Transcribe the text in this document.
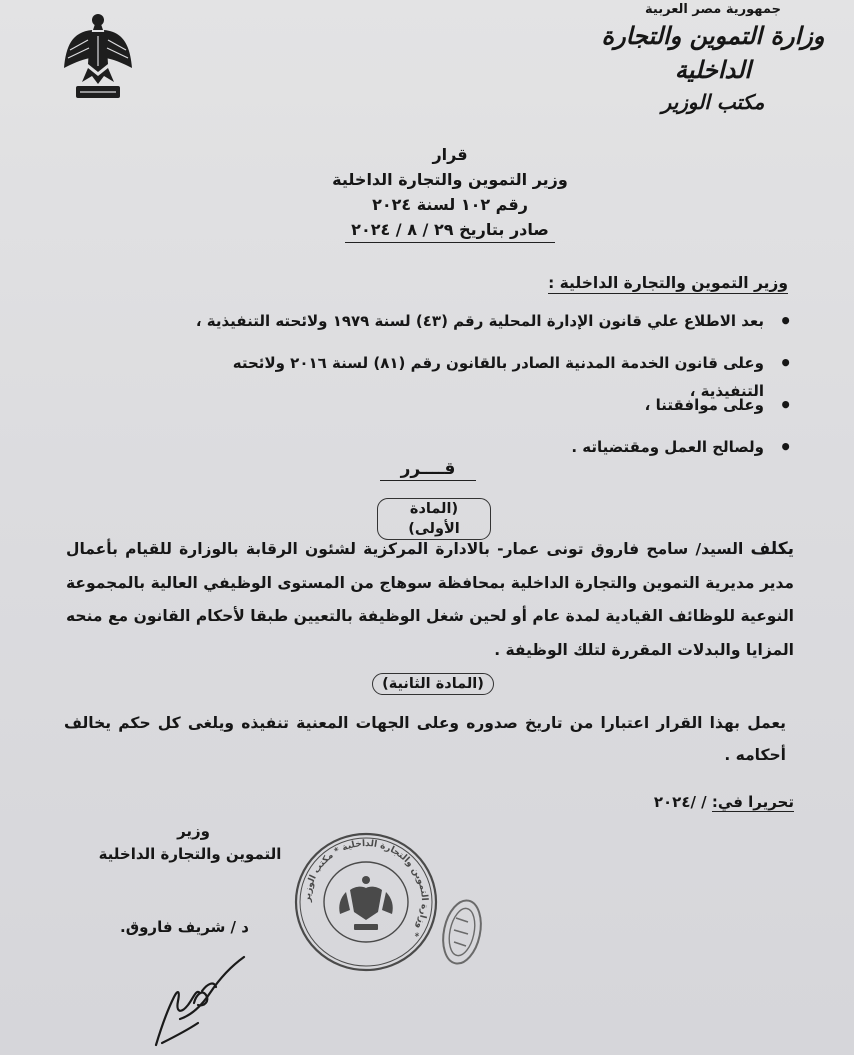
جمهورية مصر العربية
وزارة التموين والتجارة الداخلية
مكتب الوزير
قرار
وزير التموين والتجارة الداخلية
رقم ١٠٢ لسنة ٢٠٢٤
صادر بتاريخ ٢٩ / ٨ / ٢٠٢٤
وزير التموين والتجارة الداخلية :
• بعد الاطلاع علي قانون الإدارة المحلية رقم (٤٣) لسنة ١٩٧٩ ولائحته التنفيذية ،
• وعلى قانون الخدمة المدنية الصادر بالقانون رقم (٨١) لسنة ٢٠١٦ ولائحته التنفيذية ،
• وعلى موافقتنا ،
• ولصالح العمل ومقتضياته .
قــــرر
(المادة الأولى)
يكلف السيد/ سامح فاروق تونى عمار- بالادارة المركزية لشئون الرقابة بالوزارة للقيام بأعمال مدير مديرية التموين والتجارة الداخلية بمحافظة سوهاج من المستوى الوظيفي العالية بالمجموعة النوعية للوظائف القيادية لمدة عام أو لحين شغل الوظيفة بالتعيين طبقا لأحكام القانون مع منحه المزايا والبدلات المقررة لتلك الوظيفة .
(المادة الثانية)
يعمل بهذا القرار اعتبارا من تاريخ صدوره وعلى الجهات المعنية تنفيذه ويلغى كل حكم يخالف أحكامه .
تحريرا في: / /٢٠٢٤
وزير
التموين والتجارة الداخلية
د / شريف فاروق.
وزارة التموين والتجارة الداخلية * مكتب الوزير *
